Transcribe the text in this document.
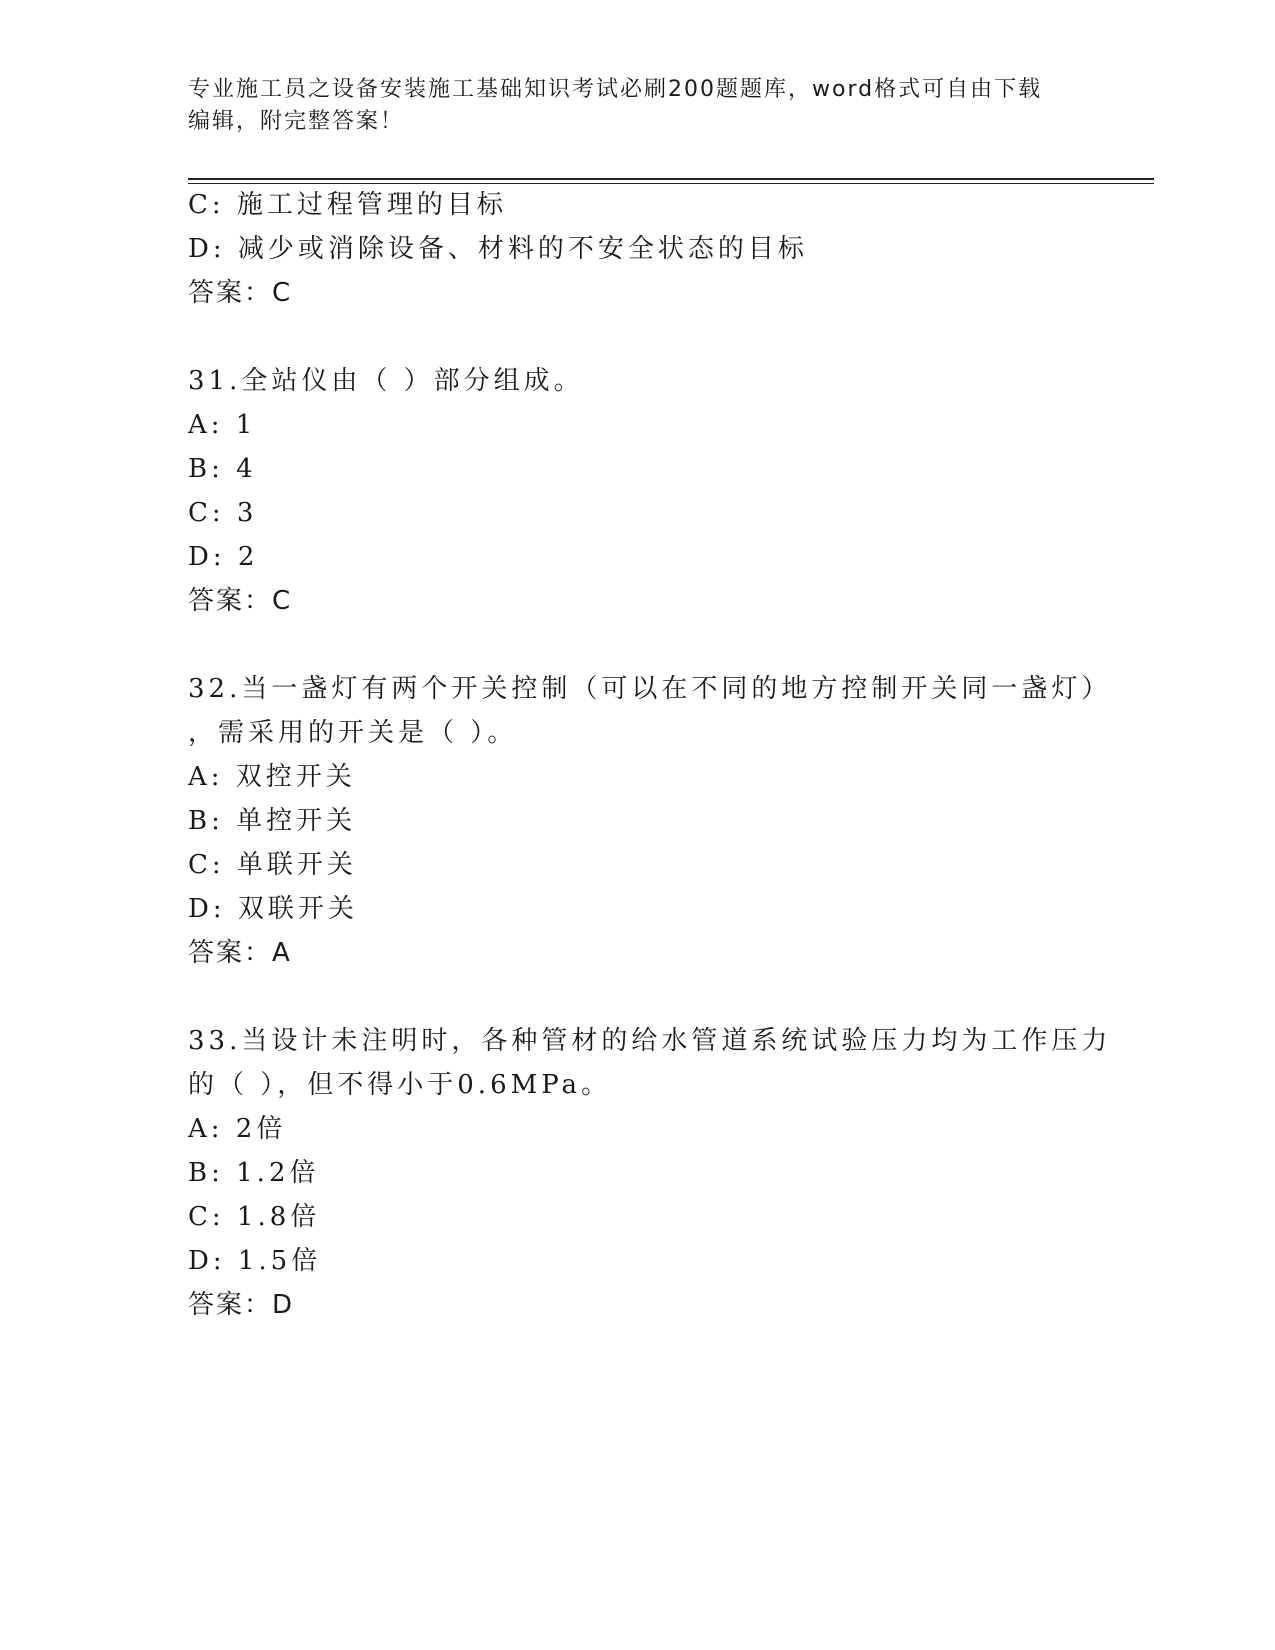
专业施工员之设备安装施工基础知识考试必刷200题题库，word格式可自由下载
编辑，附完整答案！
C: 施工过程管理的目标
D: 减少或消除设备、材料的不安全状态的目标
答案：C
31.全站仪由（ ）部分组成。
A: 1
B: 4
C: 3
D: 2
答案：C
32.当一盏灯有两个开关控制（可以在不同的地方控制开关同一盏灯）
，需采用的开关是（ ）。
A: 双控开关
B: 单控开关
C: 单联开关
D: 双联开关
答案：A
33.当设计未注明时，各种管材的给水管道系统试验压力均为工作压力
的（ ），但不得小于0.6MPa。
A: 2倍
B: 1.2倍
C: 1.8倍
D: 1.5倍
答案：D
